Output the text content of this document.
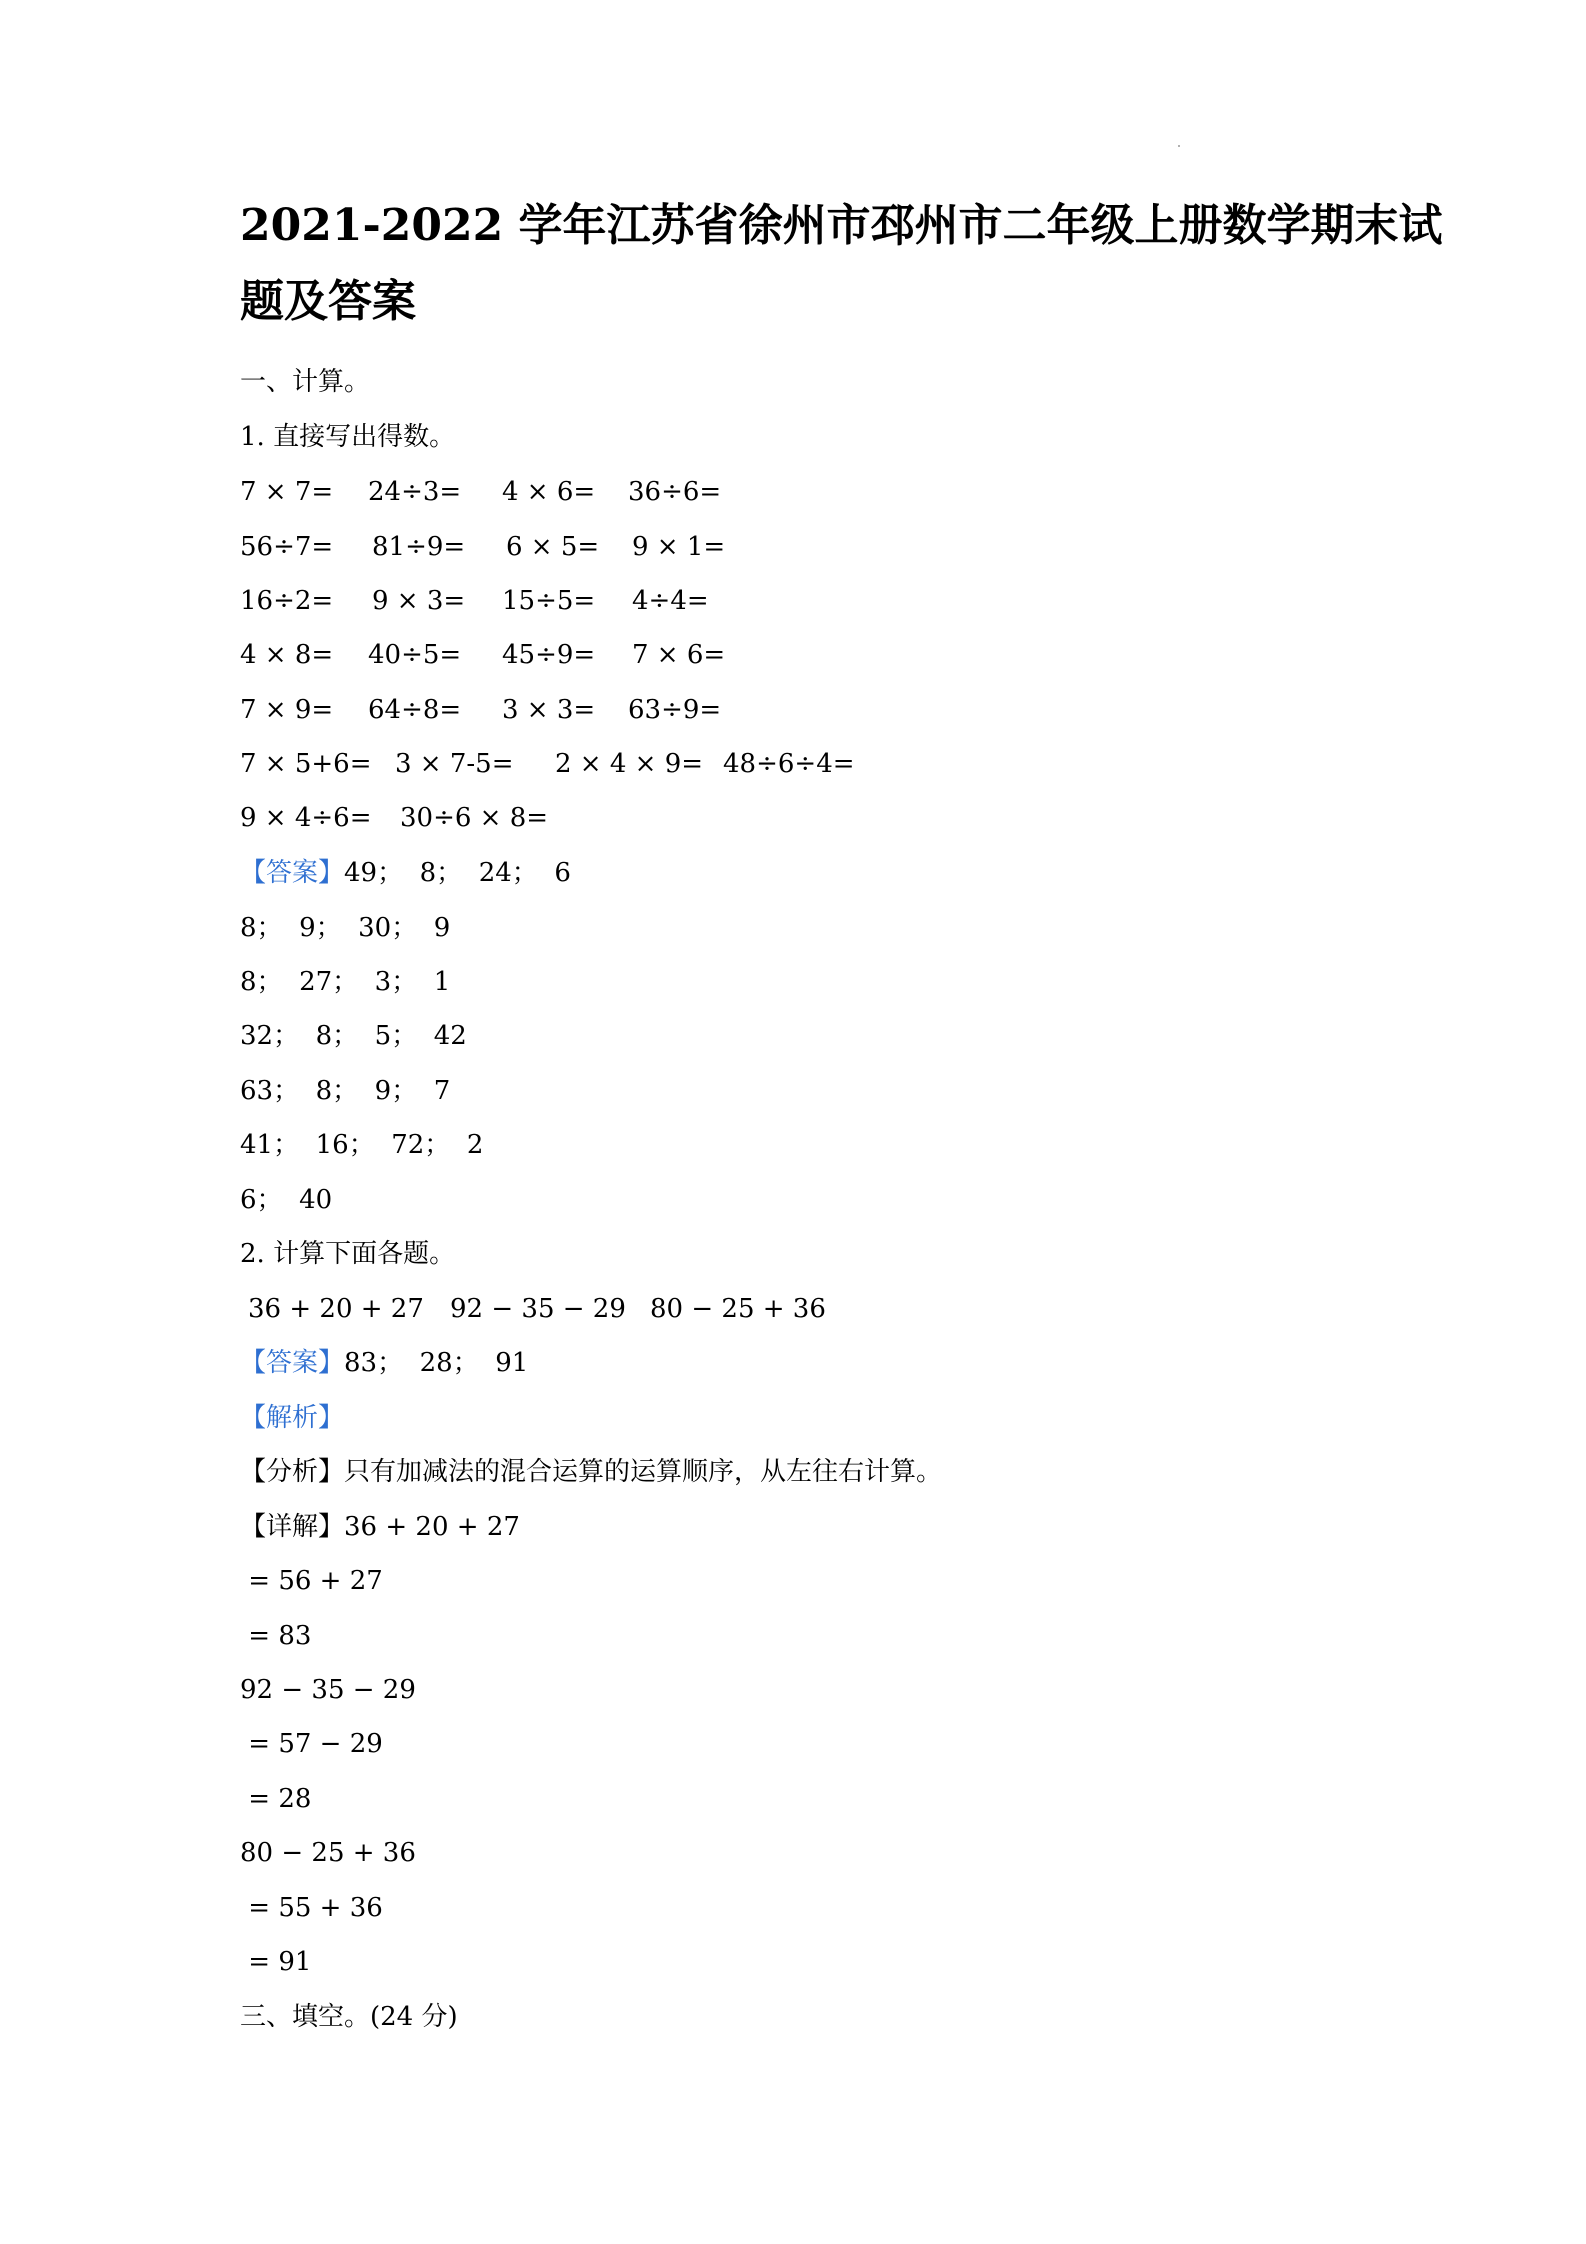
2021-2022 学年江苏省徐州市邳州市二年级上册数学期末试
题及答案
一、计算。
1. 直接写出得数。

7 × 7=

24÷3=

4 × 6=

36÷6=

56÷7=

81÷9=

6 × 5=

9 × 1=

16÷2=

9 × 3=

15÷5=

4÷4=

4 × 8=

40÷5=

45÷9=

7 × 6=

7 × 9=

64÷8=

3 × 3=

63÷9=

7 × 5+6=

3 × 7-5=

2 × 4 × 9=

48÷6÷4=

9 × 4÷6=

30÷6 × 8=

【答案】49；  8；  24；  6
8；  9；  30；  9
8；  27；  3；  1
32；  8；  5；  42
63；  8；  9；  7
41；  16；  72；  2
6；  40
2. 计算下面各题。

36 + 20 + 27

92 − 35 − 29

80 − 25 + 36

【答案】83；  28；  91
【解析】
【分析】只有加减法的混合运算的运算顺序，从左往右计算。
【详解】36 + 20 + 27
= 56 + 27
= 83
92 − 35 − 29
= 57 − 29
= 28
80 − 25 + 36
= 55 + 36
= 91
三、填空。(24 分)
